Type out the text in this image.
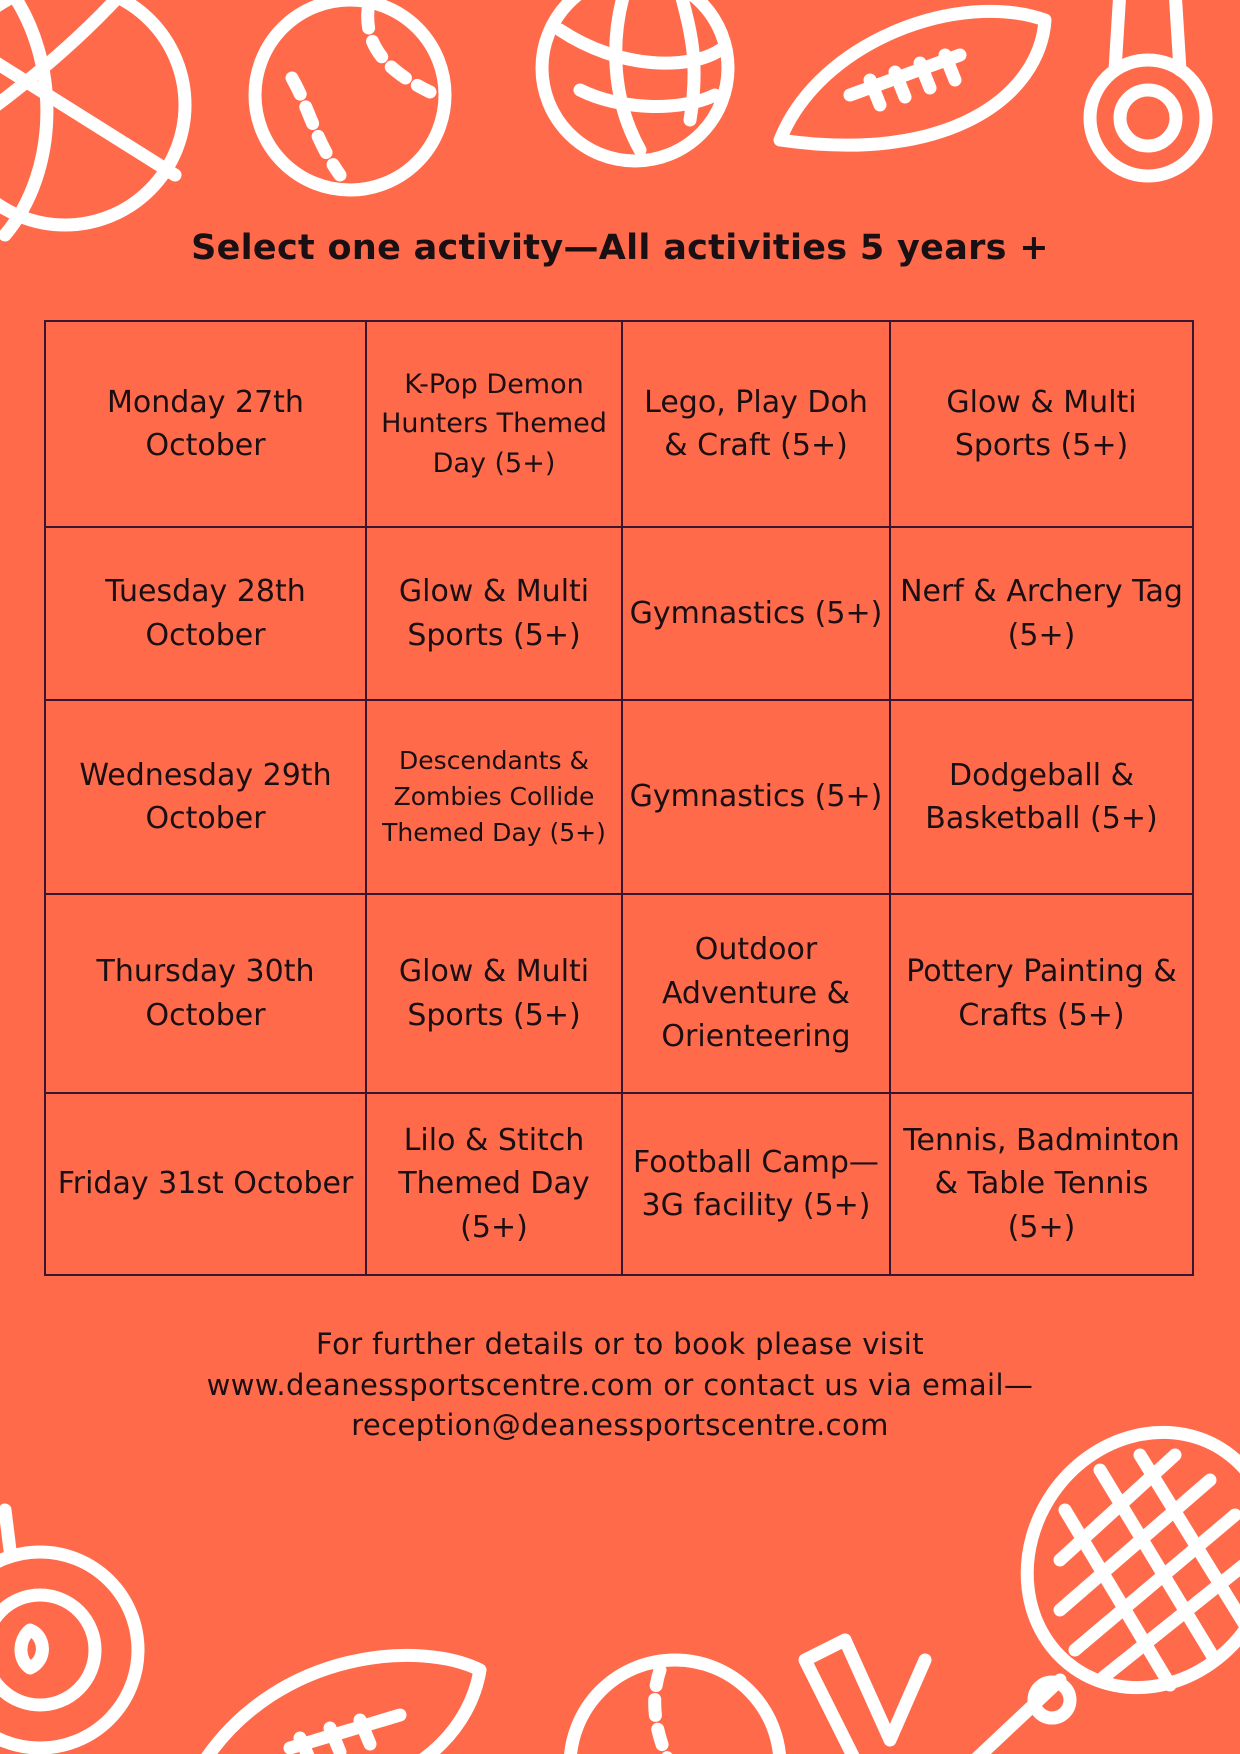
Select one activity—All activities 5 years +
Monday 27th October	K-Pop Demon Hunters Themed Day (5+)	Lego, Play Doh & Craft (5+)	Glow & Multi Sports (5+)
Tuesday 28th October	Glow & Multi Sports (5+)	Gymnastics (5+)	Nerf & Archery Tag (5+)
Wednesday 29th October	Descendants & Zombies Collide Themed Day (5+)	Gymnastics (5+)	Dodgeball & Basketball (5+)
Thursday 30th October	Glow & Multi Sports (5+)	Outdoor Adventure & Orienteering	Pottery Painting & Crafts (5+)
Friday 31st October	Lilo & Stitch Themed Day (5+)	Football Camp—3G facility (5+)	Tennis, Badminton & Table Tennis (5+)
For further details or to book please visit
www.deanessportscentre.com or contact us via email—
reception@deanessportscentre.com
